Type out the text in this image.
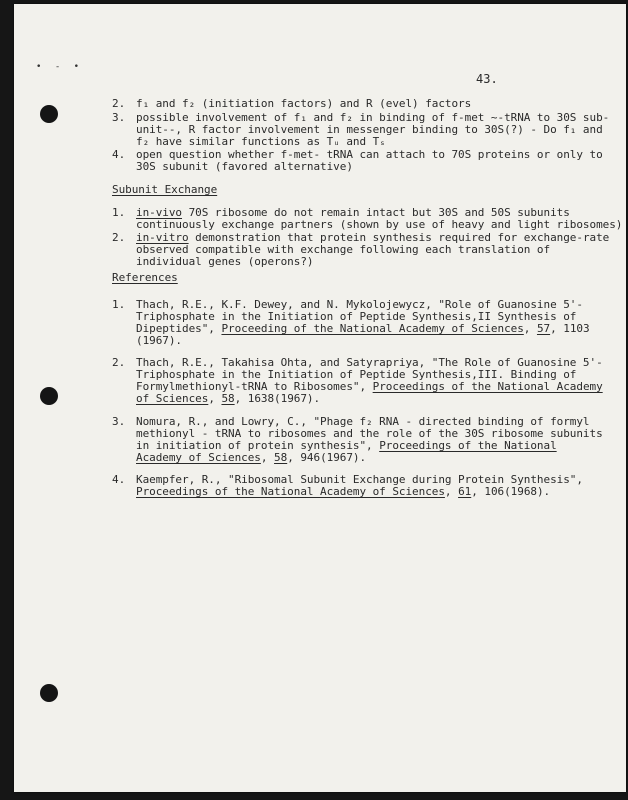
• - •
43.
2. f₁ and f₂ (initiation factors) and R (evel) factors
3. possible involvement of f₁ and f₂ in binding of f-met ~-tRNA to 30S sub-
unit--, R factor involvement in messenger binding to 30S(?) - Do f₁ and
f₂ have similar functions as Tᵤ and Tₛ
4. open question whether f-met- tRNA can attach to 70S proteins or only to
30S subunit (favored alternative)
Subunit Exchange
1. in-vivo 70S ribosome do not remain intact but 30S and 50S subunits
continuously exchange partners (shown by use of heavy and light ribosomes)
2. in-vitro demonstration that protein synthesis required for exchange-rate
observed compatible with exchange following each translation of
individual genes (operons?)
References
1. Thach, R.E., K.F. Dewey, and N. Mykolojewycz, "Role of Guanosine 5'-
Triphosphate in the Initiation of Peptide Synthesis,II Synthesis of
Dipeptides", Proceeding of the National Academy of Sciences, 57, 1103
(1967).
2. Thach, R.E., Takahisa Ohta, and Satyrapriya, "The Role of Guanosine 5'-
Triphosphate in the Initiation of Peptide Synthesis,III. Binding of
Formylmethionyl-tRNA to Ribosomes", Proceedings of the National Academy
of Sciences, 58, 1638(1967).
3. Nomura, R., and Lowry, C., "Phage f₂ RNA - directed binding of formyl
methionyl - tRNA to ribosomes and the role of the 30S ribosome subunits
in initiation of protein synthesis", Proceedings of the National
Academy of Sciences, 58, 946(1967).
4. Kaempfer, R., "Ribosomal Subunit Exchange during Protein Synthesis",
Proceedings of the National Academy of Sciences, 61, 106(1968).
